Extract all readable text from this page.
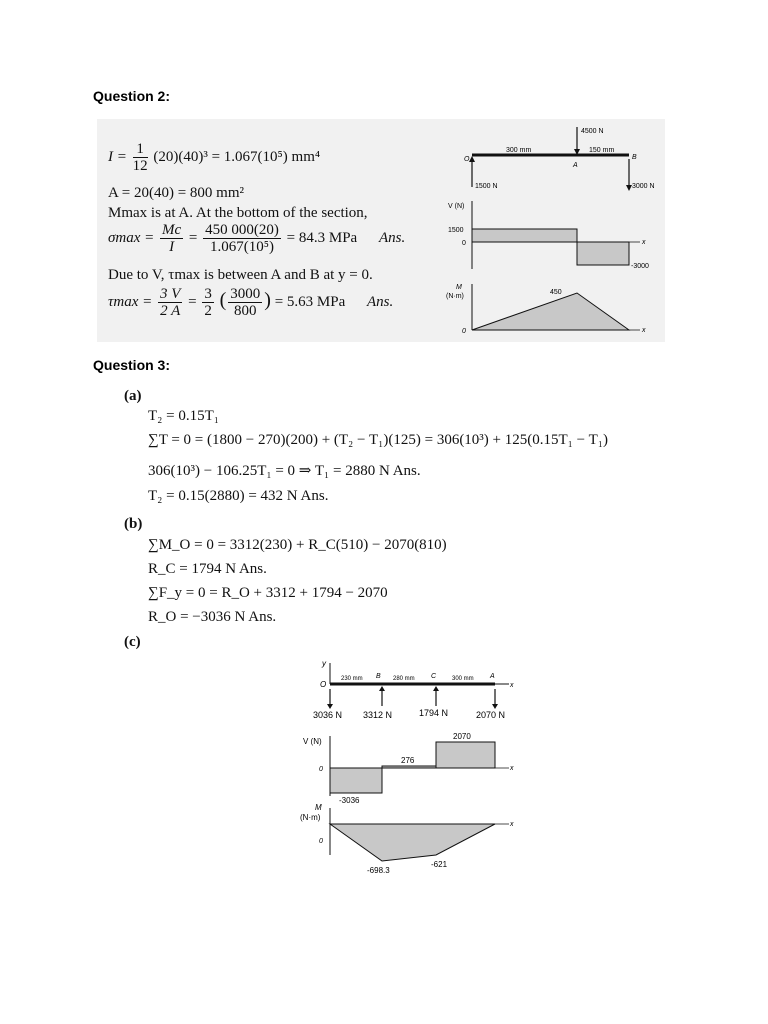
Question 2:
$I = \frac{1}{12} (20)(40)^3 = 1.067(10^5)$ mm⁴
A = 20(40) = 800 mm²
Mmax is at A. At the bottom of the section,
$\sigma\max = \frac{Mc}{I} = \frac{450 000(20)}{\text{1.067(10⁵)}} = 84.3$ MPa Ans.
Due to V, τmax is between A and B at y = 0.
$\tau\max = \frac{3 V}{2 A} = \frac{3}{2}$ ( $\frac{3000}{800}$ ) = 5.63 MPa Ans.
4500 N
300 mm	150 mm
O
A
B
1500 N	3000 N
V (N)
1500
0
-3000
x
M
(N·m)
450
0	x
Question 3:
(a)
T₂ = 0.15T₁
∑T = 0 = (1800 − 270)(200) + (T₂ − T₁)(125) = 306(10³) + 125(0.15T₁ − T₁)
306(10³) − 106.25T₁ = 0 ⇒ T₁ = 2880 N Ans.
T₂ = 0.15(2880) = 432 N Ans.
(b)
∑M_O = 0 = 3312(230) + R_C(510) − 2070(810)
R_C = 1794 N Ans.
∑F_y = 0 = R_O + 3312 + 1794 − 2070
R_O = −3036 N Ans.
(c)
y
x
O
B	C	A
230 mm	280 mm	300 mm
3036 N 3312 N	1794 N	2070 N
V (N)
0	x
-3036
276
2070
M
(N·m)
0
x
-698.3
-621
